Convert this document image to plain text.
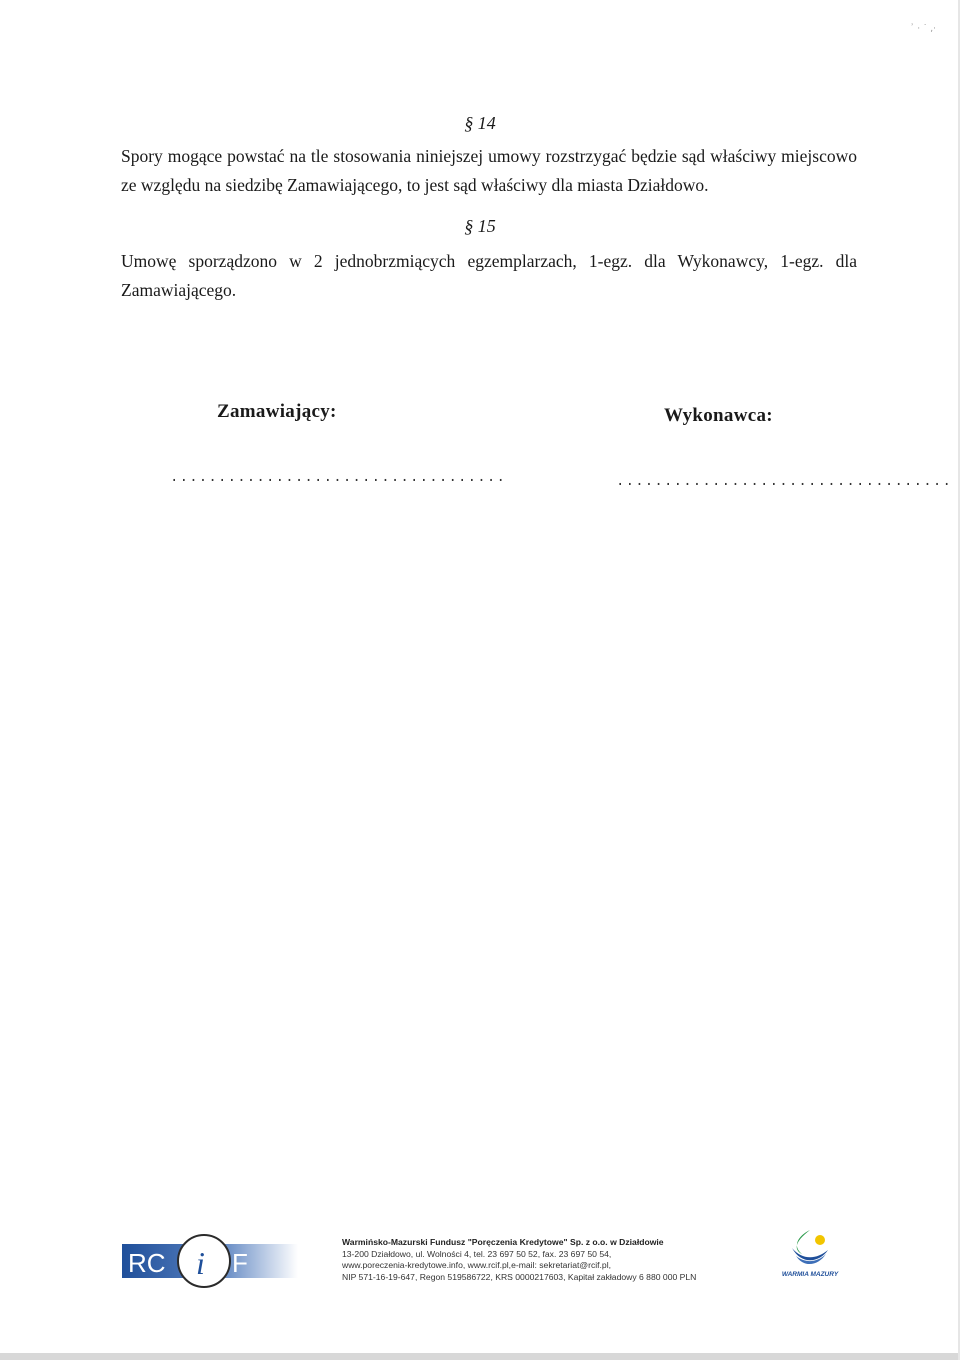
᾿ · ˙ ,·
§ 14

Spory mogące powstać na tle stosowania niniejszej umowy rozstrzygać będzie sąd właściwy miejscowo ze względu na siedzibę Zamawiającego, to jest sąd właściwy dla miasta Działdowo.

§ 15

Umowę sporządzono w 2 jednobrzmiących egzemplarzach, 1-egz. dla Wykonawcy, 1-egz. dla Zamawiającego.

Zamawiający:	Wykonawca:
...................................	...................................
RC i F
Warmińsko-Mazurski Fundusz "Poręczenia Kredytowe" Sp. z o.o. w Działdowie
13-200 Działdowo, ul. Wolności 4, tel. 23 697 50 52, fax. 23 697 50 54,
www.poreczenia-kredytowe.info, www.rcif.pl,e-mail: sekretariat@rcif.pl,
NIP 571-16-19-647, Regon 519586722, KRS 0000217603, Kapitał zakładowy 6 880 000 PLN	WARMIA MAZURY
